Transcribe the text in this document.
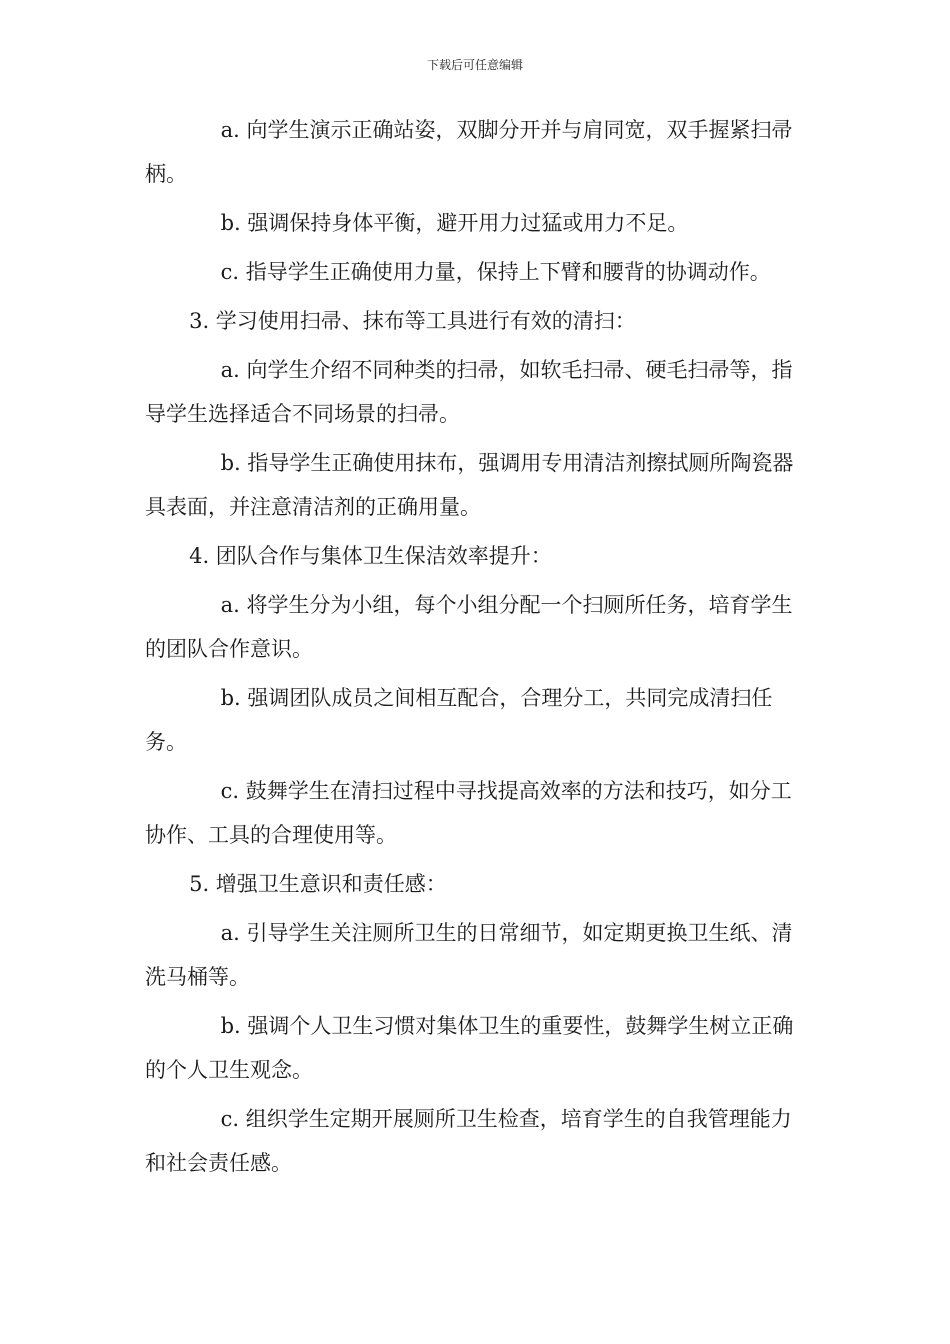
下载后可任意编辑

a. 向学生演示正确站姿，双脚分开并与肩同宽，双手握紧扫帚柄。

b. 强调保持身体平衡，避开用力过猛或用力不足。

c. 指导学生正确使用力量，保持上下臂和腰背的协调动作。

3. 学习使用扫帚、抹布等工具进行有效的清扫：

a. 向学生介绍不同种类的扫帚，如软毛扫帚、硬毛扫帚等，指导学生选择适合不同场景的扫帚。

b. 指导学生正确使用抹布，强调用专用清洁剂擦拭厕所陶瓷器具表面，并注意清洁剂的正确用量。

4. 团队合作与集体卫生保洁效率提升：

a. 将学生分为小组，每个小组分配一个扫厕所任务，培育学生的团队合作意识。

b. 强调团队成员之间相互配合，合理分工，共同完成清扫任务。

c. 鼓舞学生在清扫过程中寻找提高效率的方法和技巧，如分工协作、工具的合理使用等。

5. 增强卫生意识和责任感：

a. 引导学生关注厕所卫生的日常细节，如定期更换卫生纸、清洗马桶等。

b. 强调个人卫生习惯对集体卫生的重要性，鼓舞学生树立正确的个人卫生观念。

c. 组织学生定期开展厕所卫生检查，培育学生的自我管理能力和社会责任感。
